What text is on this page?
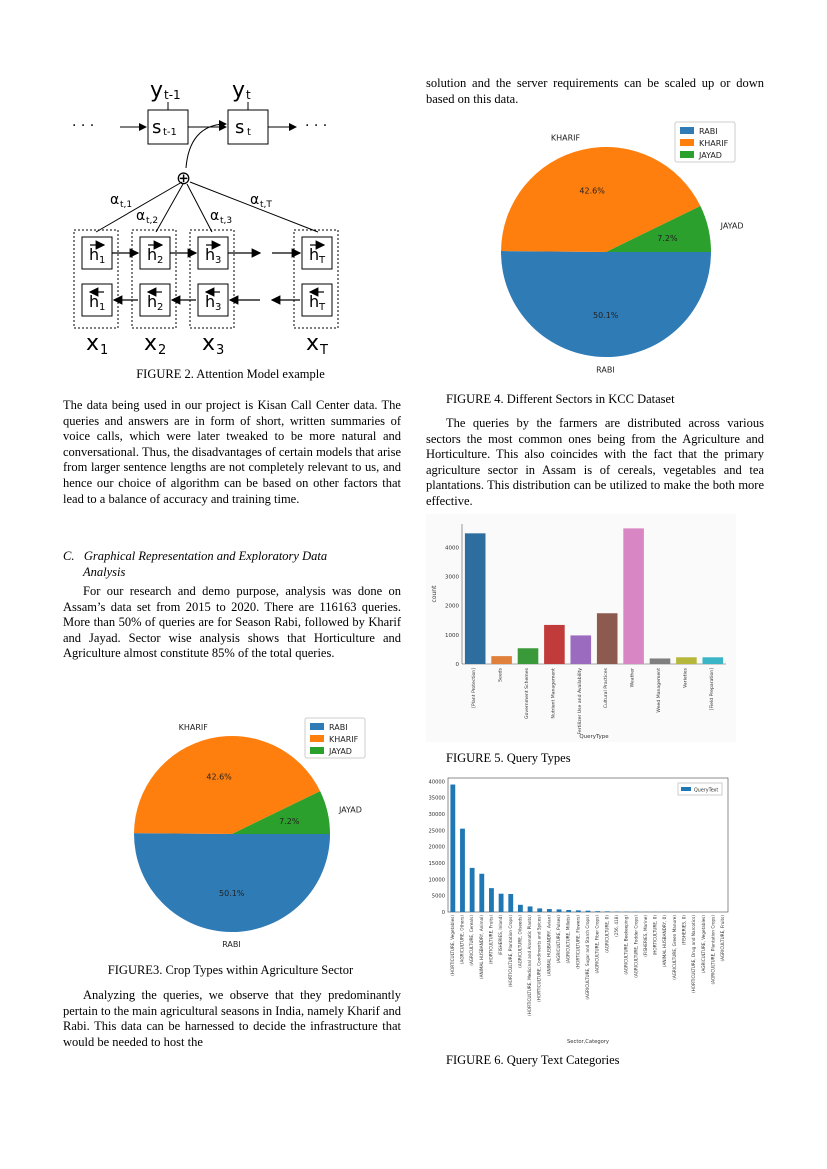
y t-1 y t
s t-1	s t
· · ·	· · ·
⊕
α t,1
α t,2	α t,3
α t,T
h 1	h 2	h 3	h T
h 1	h 2	h 3	h T
x 1 x 2 x 3	x T
FIGURE 2. Attention Model example

The data being used in our project is Kisan Call Center data. The queries and answers are in form of short, written summaries of voice calls, which were later tweaked to be more natural and conversational. Thus, the disadvantages of certain models that arise from larger sentence lengths are not completely relevant to us, and hence our choice of algorithm can be based on other factors that lead to a balance of accuracy and training time.

C. Graphical Representation and Exploratory Data
Analysis

For our research and demo purpose, analysis was done on Assam’s data set from 2015 to 2020. There are 116163 queries. More than 50% of queries are for Season Rabi, followed by Kharif and Jayad. Sector wise analysis shows that Horticulture and Agriculture almost constitute 85% of the total queries.

50.1%
RABI
42.6%
KHARIF
7.2%
JAYAD
RABI
KHARIF
JAYAD
FIGURE3. Crop Types within Agriculture Sector

Analyzing the queries, we observe that they predominantly pertain to the main agricultural seasons in India, namely Kharif and Rabi. This data can be harnessed to decide the infrastructure that would be needed to host the

solution and the server requirements can be scaled up or down based on this data.

50.1%
RABI
42.6%
KHARIF
7.2%
JAYAD
RABI
KHARIF
JAYAD
FIGURE 4. Different Sectors in KCC Dataset

The queries by the farmers are distributed across various sectors the most common ones being from the Agriculture and Horticulture. This also coincides with the fact that the primary agriculture sector in Assam is of cereals, vegetables and tea plantations. This distribution can be utilized to make the both more effective.

0
1000
2000
3000
4000
count
[Plant Protection]	Seeds	Government Schemes	Nutrient Management	Fertilizer Use and Availability	Cultural Practices	Weather	Weed Management	Varieties	[Field Preparation]
QueryType
FIGURE 5. Query Types
0
5000
10000
15000
20000
25000
30000
35000
40000
(HORTICULTURE, Vegetables) (AGRICULTURE, Others) (AGRICULTURE, Cereals) (ANIMAL HUSBANDRY, Animal) (HORTICULTURE, Fruits) (FISHERIES, Inland) (HORTICULTURE, Plantation Crops) (AGRICULTURE, Oilseeds) (HORTICULTURE, Medicinal and Aromatic Plants) (HORTICULTURE, Condiments and Spices) (ANIMAL HUSBANDRY, Avian) (AGRICULTURE, Pulses) (AGRICULTURE, Millets) (HORTICULTURE, Flowers) (AGRICULTURE, Sugar and Starch Crops) (AGRICULTURE, Fiber Crops) (AGRICULTURE, 0) (256, 418) (AGRICULTURE, Beekeeping) (AGRICULTURE, Fodder Crops) (FISHERIES, Marine) (HORTICULTURE, 0) (ANIMAL HUSBANDRY, 0) (AGRICULTURE, Green Manure) (FISHERIES, 0) (HORTICULTURE, Drug and Narcotics) (AGRICULTURE, Vegetables) (AGRICULTURE, Plantation Crops) (AGRICULTURE, Fruits)
QueryText
Sector,Category
FIGURE 6. Query Text Categories
